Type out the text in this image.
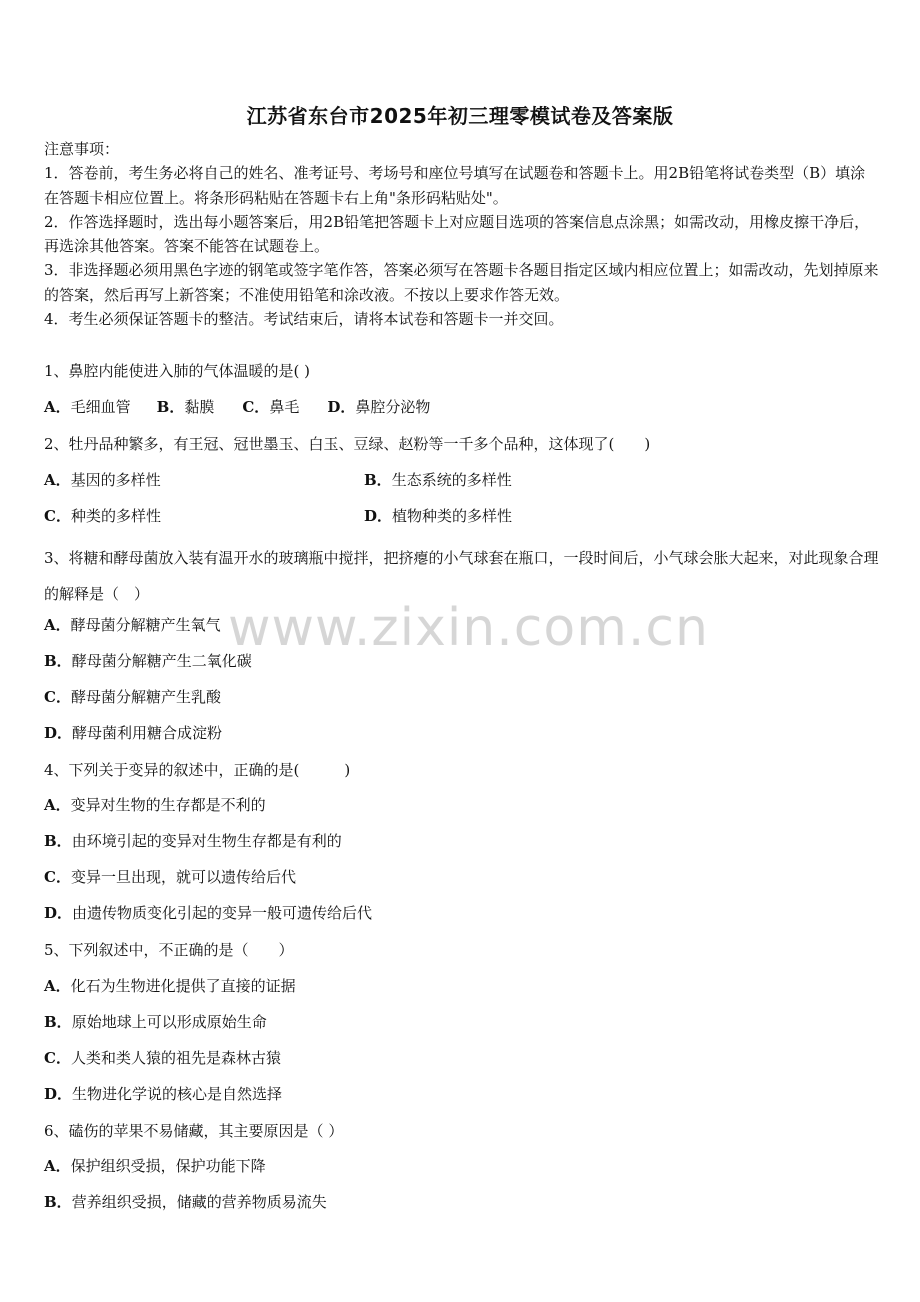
江苏省东台市2025年初三理零模试卷及答案版

注意事项：

1．答卷前，考生务必将自己的姓名、准考证号、考场号和座位号填写在试题卷和答题卡上。用2B铅笔将试卷类型（B）填涂在答题卡相应位置上。将条形码粘贴在答题卡右上角"条形码粘贴处"。

2．作答选择题时，选出每小题答案后，用2B铅笔把答题卡上对应题目选项的答案信息点涂黑；如需改动，用橡皮擦干净后，再选涂其他答案。答案不能答在试题卷上。

3．非选择题必须用黑色字迹的钢笔或签字笔作答，答案必须写在答题卡各题目指定区域内相应位置上；如需改动，先划掉原来的答案，然后再写上新答案；不准使用铅笔和涂改液。不按以上要求作答无效。

4．考生必须保证答题卡的整洁。考试结束后，请将本试卷和答题卡一并交回。

1、鼻腔内能使进入肺的气体温暖的是( )
A．毛细血管 B．黏膜 C．鼻毛 D．鼻腔分泌物
2、牡丹品种繁多，有王冠、冠世墨玉、白玉、豆绿、赵粉等一千多个品种，这体现了(　　)
A．基因的多样性	B．生态系统的多样性
C．种类的多样性	D．植物种类的多样性
3、将糖和酵母菌放入装有温开水的玻璃瓶中搅拌，把挤瘪的小气球套在瓶口，一段时间后，小气球会胀大起来，对此现象合理的解释是（　）
A．酵母菌分解糖产生氧气
B．酵母菌分解糖产生二氧化碳
C．酵母菌分解糖产生乳酸
D．酵母菌利用糖合成淀粉
4、下列关于变异的叙述中，正确的是(　　　)
A．变异对生物的生存都是不利的
B．由环境引起的变异对生物生存都是有利的
C．变异一旦出现，就可以遗传给后代
D．由遗传物质变化引起的变异一般可遗传给后代
5、下列叙述中，不正确的是（　　）
A．化石为生物进化提供了直接的证据
B．原始地球上可以形成原始生命
C．人类和类人猿的祖先是森林古猿
D．生物进化学说的核心是自然选择
6、磕伤的苹果不易储藏，其主要原因是（ ）
A．保护组织受损，保护功能下降
B．营养组织受损，储藏的营养物质易流失
www.zixin.com.cn
